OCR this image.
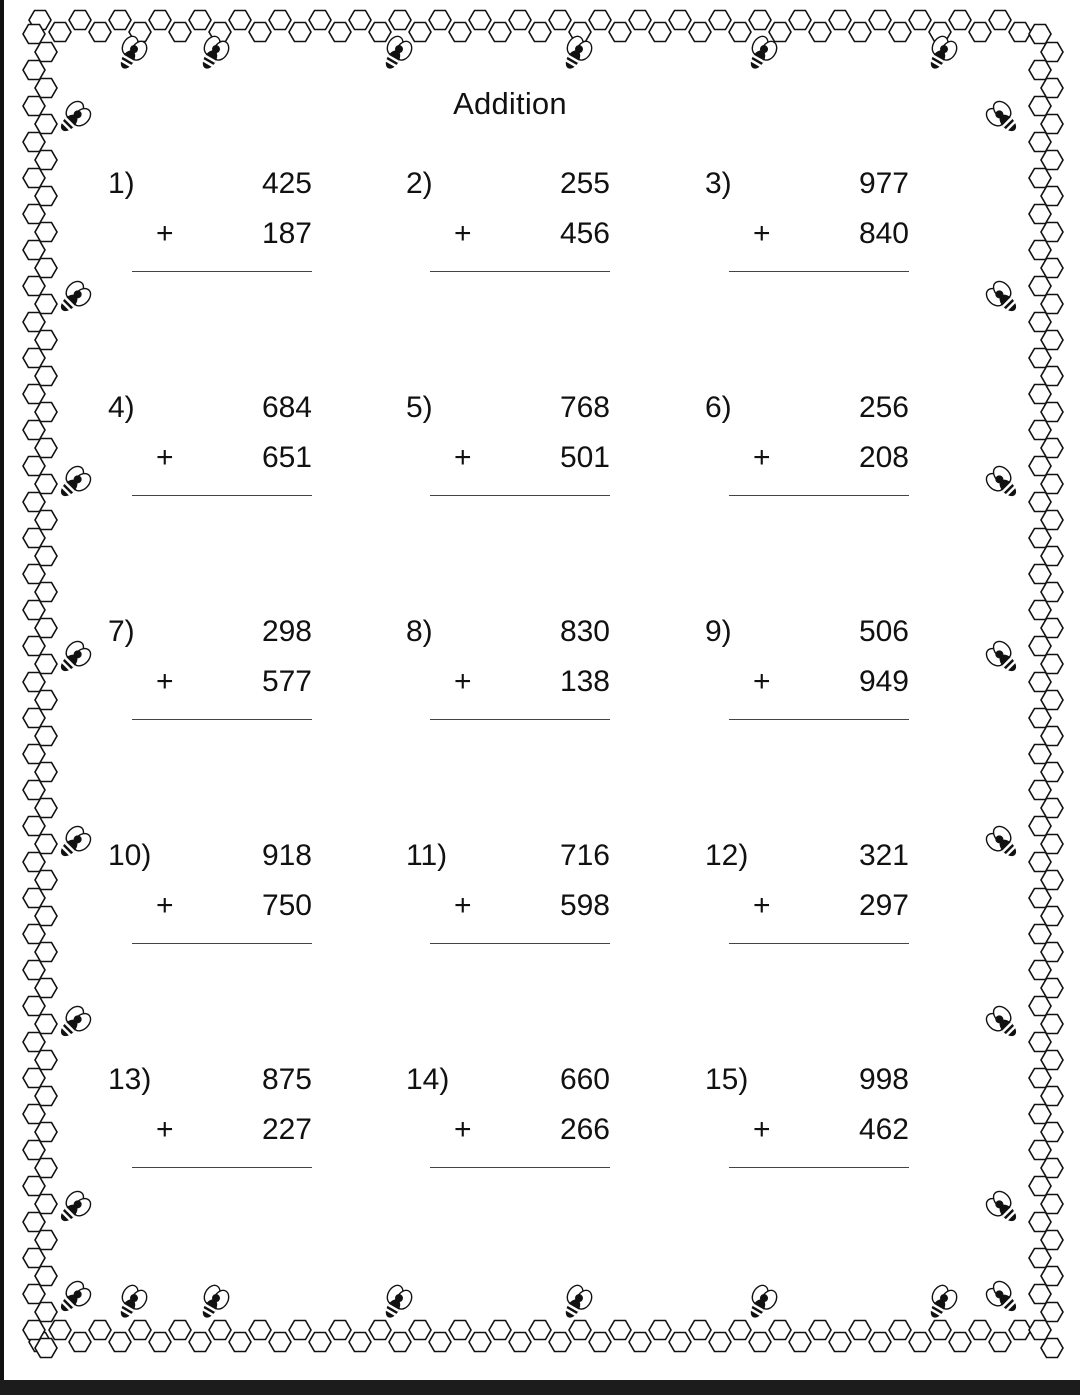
Addition
1)	425
+	187
2)	255
+	456
3)	977
+	840
4)	684
+	651
5)	768
+	501
6)	256
+	208
7)	298
+	577
8)	830
+	138
9)	506
+	949
10)	918
+	750
11)	716
+	598
12)	321
+	297
13)	875
+	227
14)	660
+	266
15)	998
+	462
